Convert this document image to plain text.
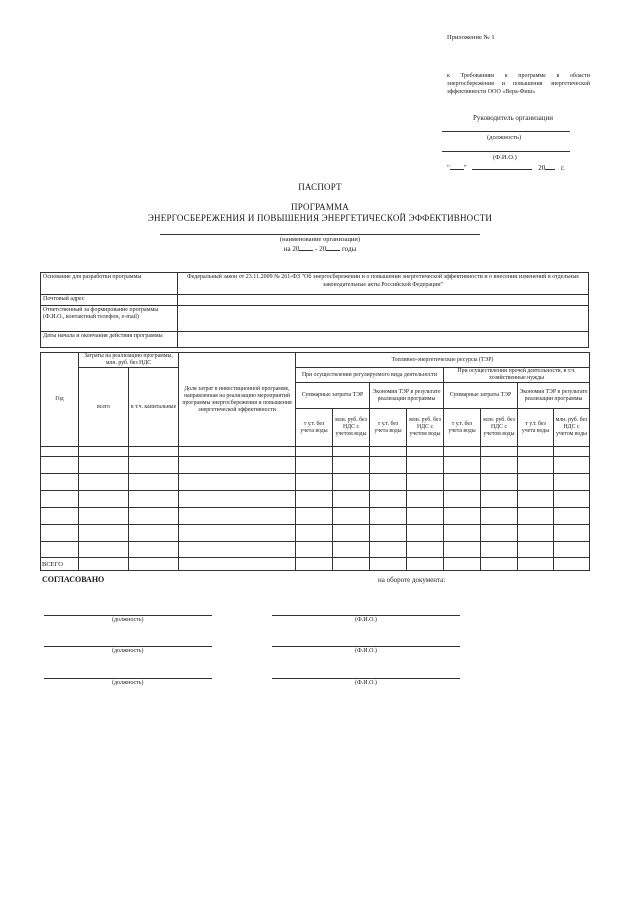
Приложение № 1
к Требованиям к программе в области энергосбережения и повышения энергетической эффективности ООО «Вера-Фиш»
Руководитель организации
(должность)
(Ф.И.О.)
" "	20 г.
ПАСПОРТ
ПРОГРАММА
ЭНЕРГОСБЕРЕЖЕНИЯ И ПОВЫШЕНИЯ ЭНЕРГЕТИЧЕСКОЙ ЭФФЕКТИВНОСТИ
(наименование организации)
на 20 - 20 годы
Основание для разработки программы	Федеральный закон от 23.11.2009 № 261-ФЗ "Об энергосбережении и о повышении энергетической эффективности и о внесении изменений в отдельные законодательные акты Российской Федерации"
Почтовый адрес	
Ответственный за формирование программы (Ф.И.О., контактный телефон, e-mail)	
Даты начала и окончания действия программы	
Год	Затраты на реализацию программы, млн. руб. без НДС		Доля затрат в инвестиционной программе, направленная на реализацию мероприятий программы энергосбережения и повышения энергетической эффективности	Топливно-энергетические ресурсы (ТЭР)							
	всего	в т.ч. капитальные		При осуществлении регулируемого вида деятельности				При осуществлении прочей деятельности, в т.ч. хозяйственные нужды			
				Суммарные затраты ТЭР		Экономия ТЭР в результате реализации программы		Суммарные затраты ТЭР		Экономия ТЭР в результате реализации программы	
				т у.т. без учета воды	млн. руб. без НДС с учетом воды	т у.т. без учета воды	млн. руб. без НДС с учетом воды	т у.т. без учета воды	млн. руб. без НДС с учетом воды	т у.т. без учета воды	млн. руб. без НДС с учетом воды

ВСЕГО											
СОГЛАСОВАНО	на обороте документа:
(должность)	(Ф.И.О.)
(должность)	(Ф.И.О.)
(должность)	(Ф.И.О.)
